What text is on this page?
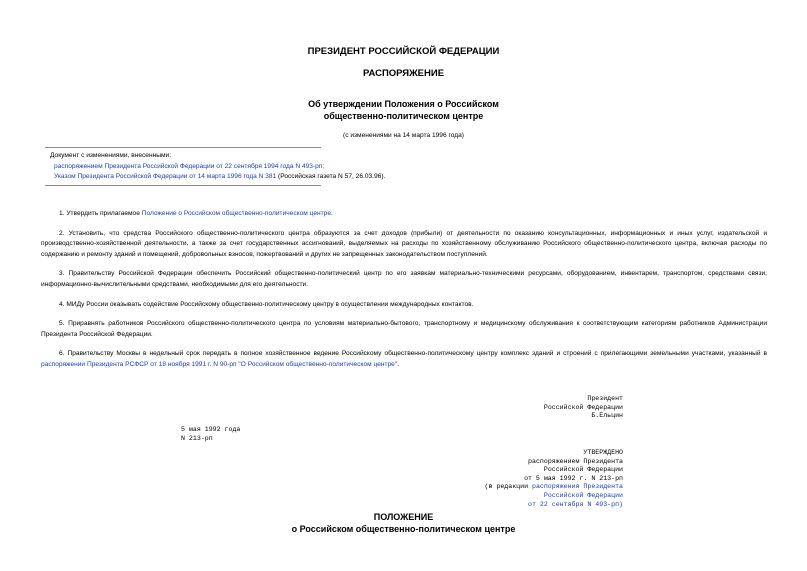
ПРЕЗИДЕНТ РОССИЙСКОЙ ФЕДЕРАЦИИ
РАСПОРЯЖЕНИЕ
Об утверждении Положения о Российском
общественно-политическом центре
(с изменениями на 14 марта 1996 года)
Документ с изменениями, внесенными:
распоряжением Президента Российской Федерации от 22 сентября 1994 года N 493-рп;
Указом Президента Российской Федерации от 14 марта 1996 года N 381 (Российская газета N 57, 26.03.96).
1. Утвердить прилагаемое Положение о Российском общественно-политическом центре.
2. Установить, что средства Российского общественно-политического центра образуются за счет доходов (прибыли) от деятельности по оказанию консультационных, информационных и иных услуг, издательской и производственно-хозяйственной деятельности, а также за счет государственных ассигнований, выделяемых на расходы по хозяйственному обслуживанию Российского общественно-политического центра, включая расходы по содержанию и ремонту зданий и помещений, добровольных взносов, пожертвований и других не запрещенных законодательством поступлений.
3. Правительству Российской Федерации обеспечить Российский общественно-политический центр по его заявкам материально-техническими ресурсами, оборудованием, инвентарем, транспортом, средствами связи, информационно-вычислительными средствами, необходимыми для его деятельности.
4. МИДу России оказывать содействие Российскому общественно-политическому центру в осуществлении международных контактов.
5. Приравнять работников Российского общественно-политического центра по условиям материально-бытового, транспортному и медицинскому обслуживания к соответствующим категориям работников Администрации Президента Российской Федерации.
6. Правительству Москвы в недельный срок передать в полное хозяйственное ведение Российскому общественно-политическому центру комплекс зданий и строений с прилегающими земельными участками, указанный в распоряжении Президента РСФСР от 18 ноября 1991 г. N 90-рп "О Российском общественно-политическом центре".
Президент
Российской Федерации
Б.Ельцин
5 мая 1992 года
N 213-рп
УТВЕРЖДЕНО
распоряжением Президента
Российской Федерации
от 5 мая 1992 г. N 213-рп
(в редакции распоряжения Президента
Российской Федерации
от 22 сентября N 493-рп)
ПОЛОЖЕНИЕ
о Российском общественно-политическом центре
